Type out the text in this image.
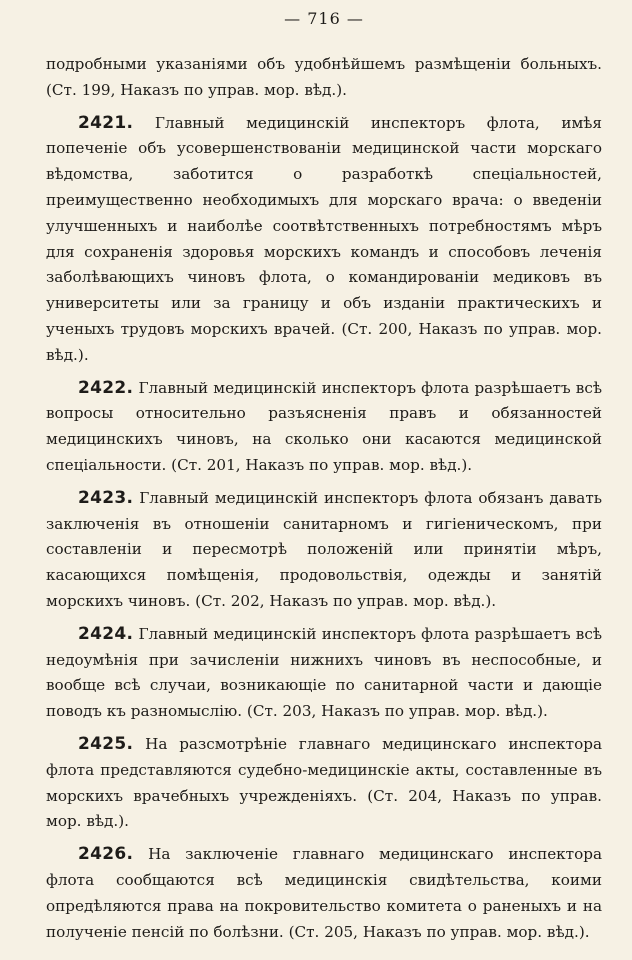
— 716 —

подробными указаніями объ удобнѣйшемъ размѣщеніи больныхъ. (Ст. 199, Наказъ по управ. мор. вѣд.).

2421. Главный медицинскій инспекторъ флота, имѣя попеченіе объ усовершенствованіи медицинской части морскаго вѣдомства, заботится о разработкѣ спеціальностей, преимущественно необходимыхъ для морскаго врача: о введеніи улучшенныхъ и наиболѣе соотвѣтственныхъ потребностямъ мѣръ для сохраненія здоровья морскихъ командъ и способовъ леченія заболѣвающихъ чиновъ флота, о командированіи медиковъ въ университеты или за границу и объ изданіи практическихъ и ученыхъ трудовъ морскихъ врачей. (Ст. 200, Наказъ по управ. мор. вѣд.).

2422. Главный медицинскій инспекторъ флота разрѣшаетъ всѣ вопросы относительно разъясненія правъ и обязанностей медицинскихъ чиновъ, на сколько они касаются медицинской спеціальности. (Ст. 201, Наказъ по управ. мор. вѣд.).

2423. Главный медицинскій инспекторъ флота обязанъ давать заключенія въ отношеніи санитарномъ и гигіеническомъ, при составленіи и пересмотрѣ положеній или принятіи мѣръ, касающихся помѣщенія, продовольствія, одежды и занятій морскихъ чиновъ. (Ст. 202, Наказъ по управ. мор. вѣд.).

2424. Главный медицинскій инспекторъ флота разрѣшаетъ всѣ недоумѣнія при зачисленіи нижнихъ чиновъ въ неспособные, и вообще всѣ случаи, возникающіе по санитарной части и дающіе поводъ къ разномыслію. (Ст. 203, Наказъ по управ. мор. вѣд.).

2425. На разсмотрѣніе главнаго медицинскаго инспектора флота представляются судебно-медицинскіе акты, составленные въ морскихъ врачебныхъ учрежденіяхъ. (Ст. 204, Наказъ по управ. мор. вѣд.).

2426. На заключеніе главнаго медицинскаго инспектора флота сообщаются всѣ медицинскія свидѣтельства, коими опредѣляются права на покровительство комитета о раненыхъ и на полученіе пенсій по болѣзни. (Ст. 205, Наказъ по управ. мор. вѣд.).
